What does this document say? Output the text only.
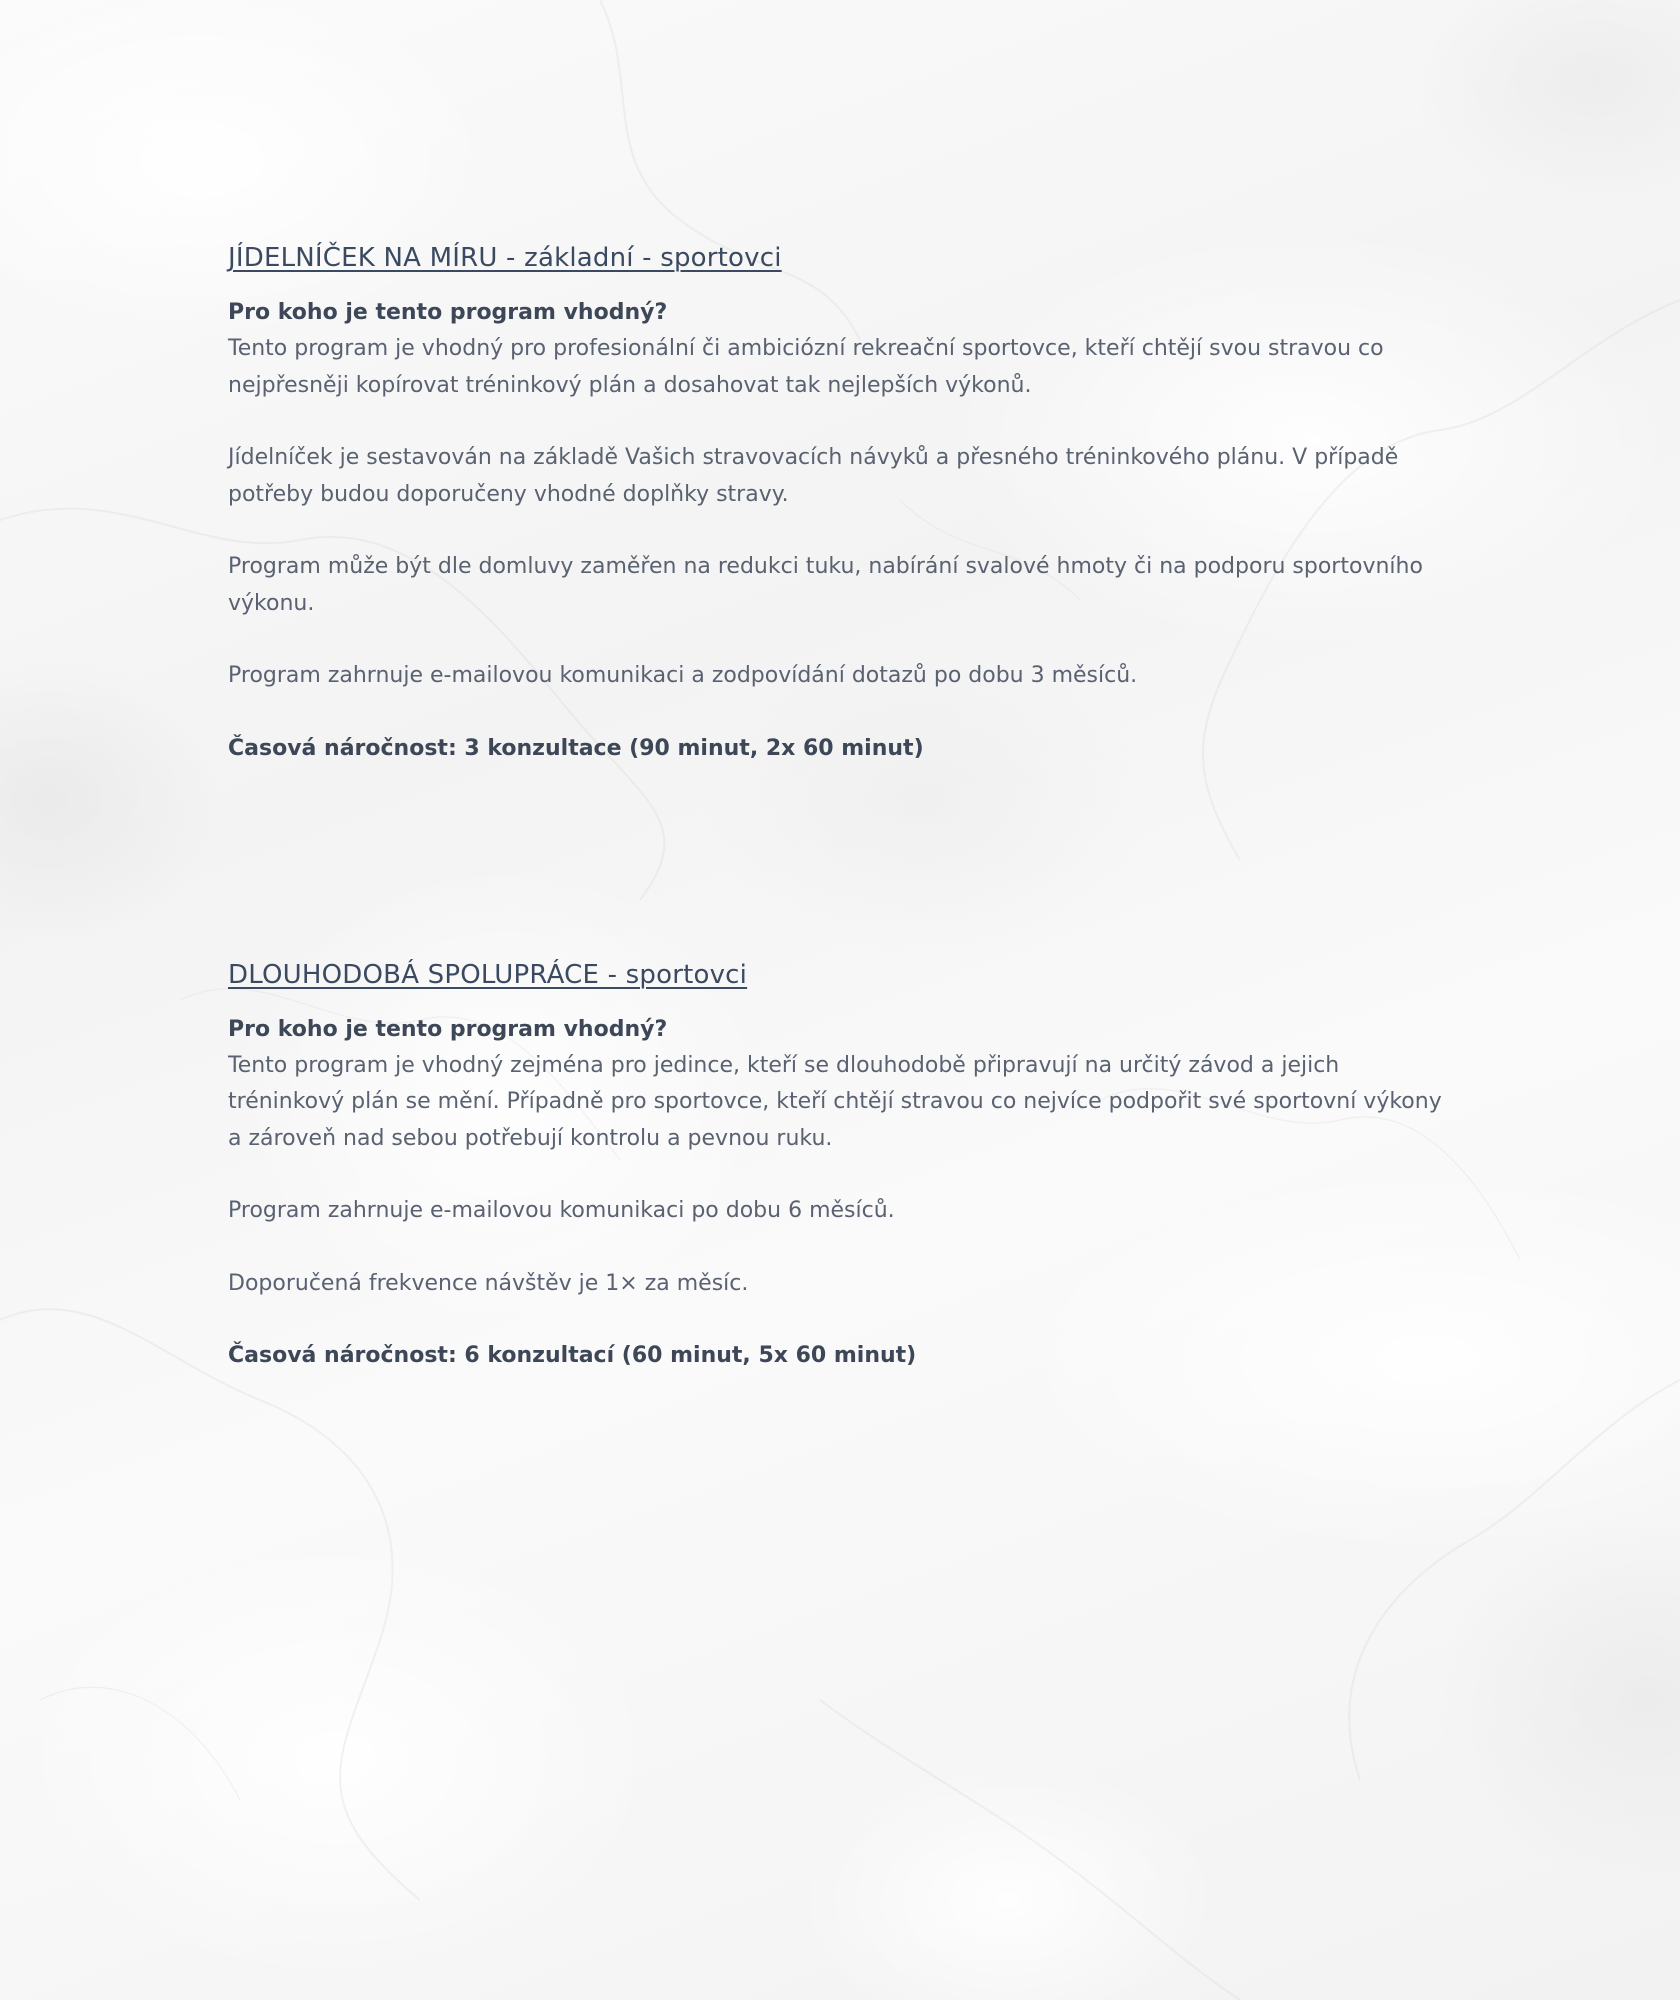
JÍDELNÍČEK NA MÍRU - základní - sportovci

Pro koho je tento program vhodný?

Tento program je vhodný pro profesionální či ambiciózní rekreační sportovce, kteří chtějí svou stravou co nejpřesněji kopírovat tréninkový plán a dosahovat tak nejlepších výkonů.

Jídelníček je sestavován na základě Vašich stravovacích návyků a přesného tréninkového plánu. V případě potřeby budou doporučeny vhodné doplňky stravy.

Program může být dle domluvy zaměřen na redukci tuku, nabírání svalové hmoty či na podporu sportovního výkonu.

Program zahrnuje e-mailovou komunikaci a zodpovídání dotazů po dobu 3 měsíců.

Časová náročnost: 3 konzultace (90 minut, 2x 60 minut)

DLOUHODOBÁ SPOLUPRÁCE - sportovci

Pro koho je tento program vhodný?

Tento program je vhodný zejména pro jedince, kteří se dlouhodobě připravují na určitý závod a jejich tréninkový plán se mění. Případně pro sportovce, kteří chtějí stravou co nejvíce podpořit své sportovní výkony a zároveň nad sebou potřebují kontrolu a pevnou ruku.

Program zahrnuje e-mailovou komunikaci po dobu 6 měsíců.

Doporučená frekvence návštěv je 1× za měsíc.

Časová náročnost: 6 konzultací (60 minut, 5x 60 minut)
